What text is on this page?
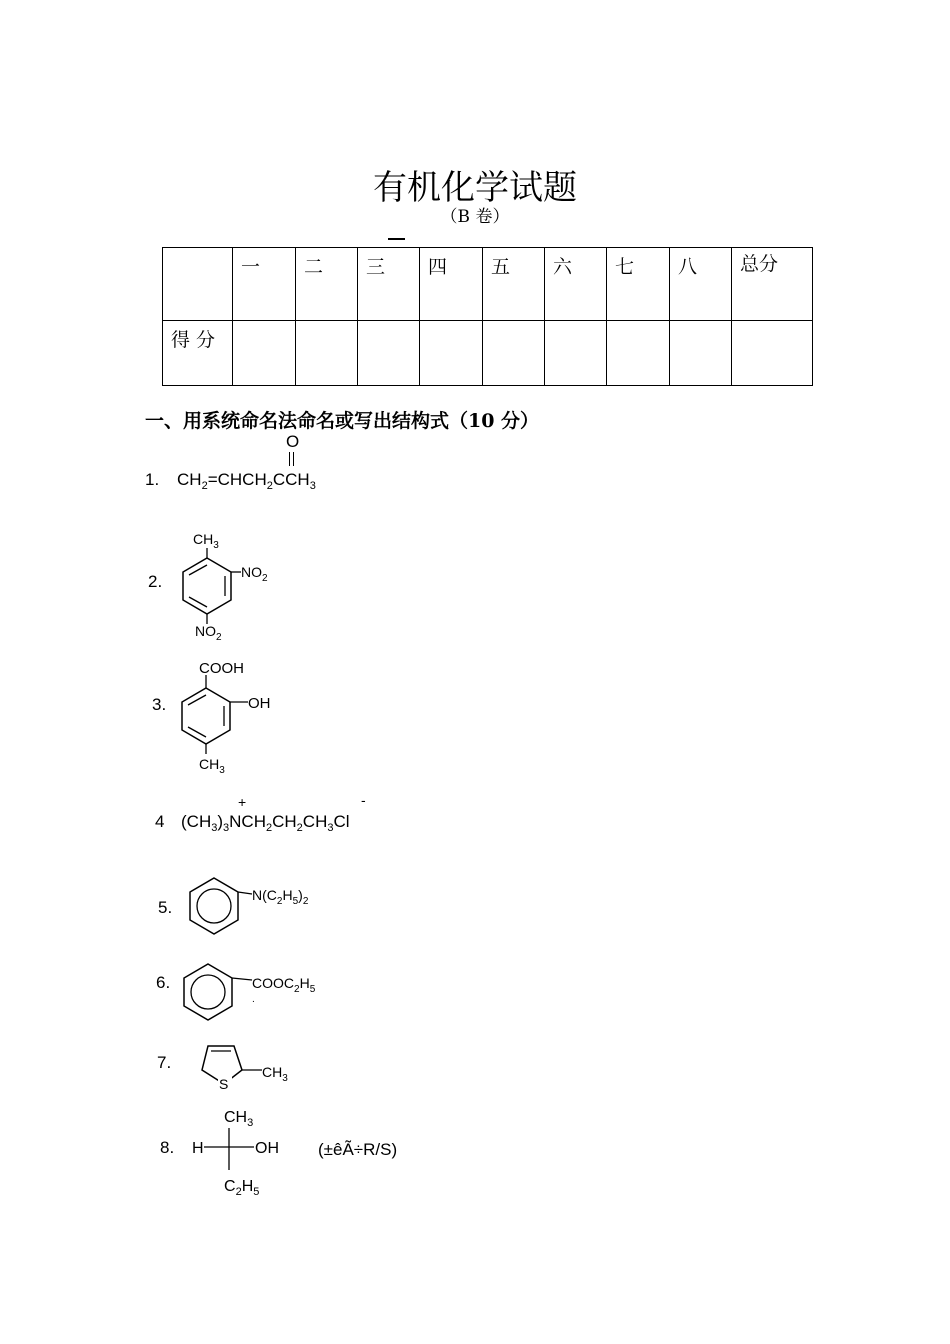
有机化学试题
（B 卷）
	一	二	三	四	五	六	七	八	总分
得 分									
一、用系统命名法命名或写出结构式（10 分）
1.
O
$CH_2=CHCH_2CCH_3$
2.
$CH_3$
$NO_2$
$NO_2$
3.
COOH
OH
$CH_3$
4
+	-
$(CH_3)_3NCH_2CH_2CH_3Cl$
5.
$N(C_2H_5)_2$
6.	$COOC_2H_5$
.
7.
S
$CH_3$
8.
$CH_3$
H	OH
$C_2H_5$
(±êÃ÷R/S)
